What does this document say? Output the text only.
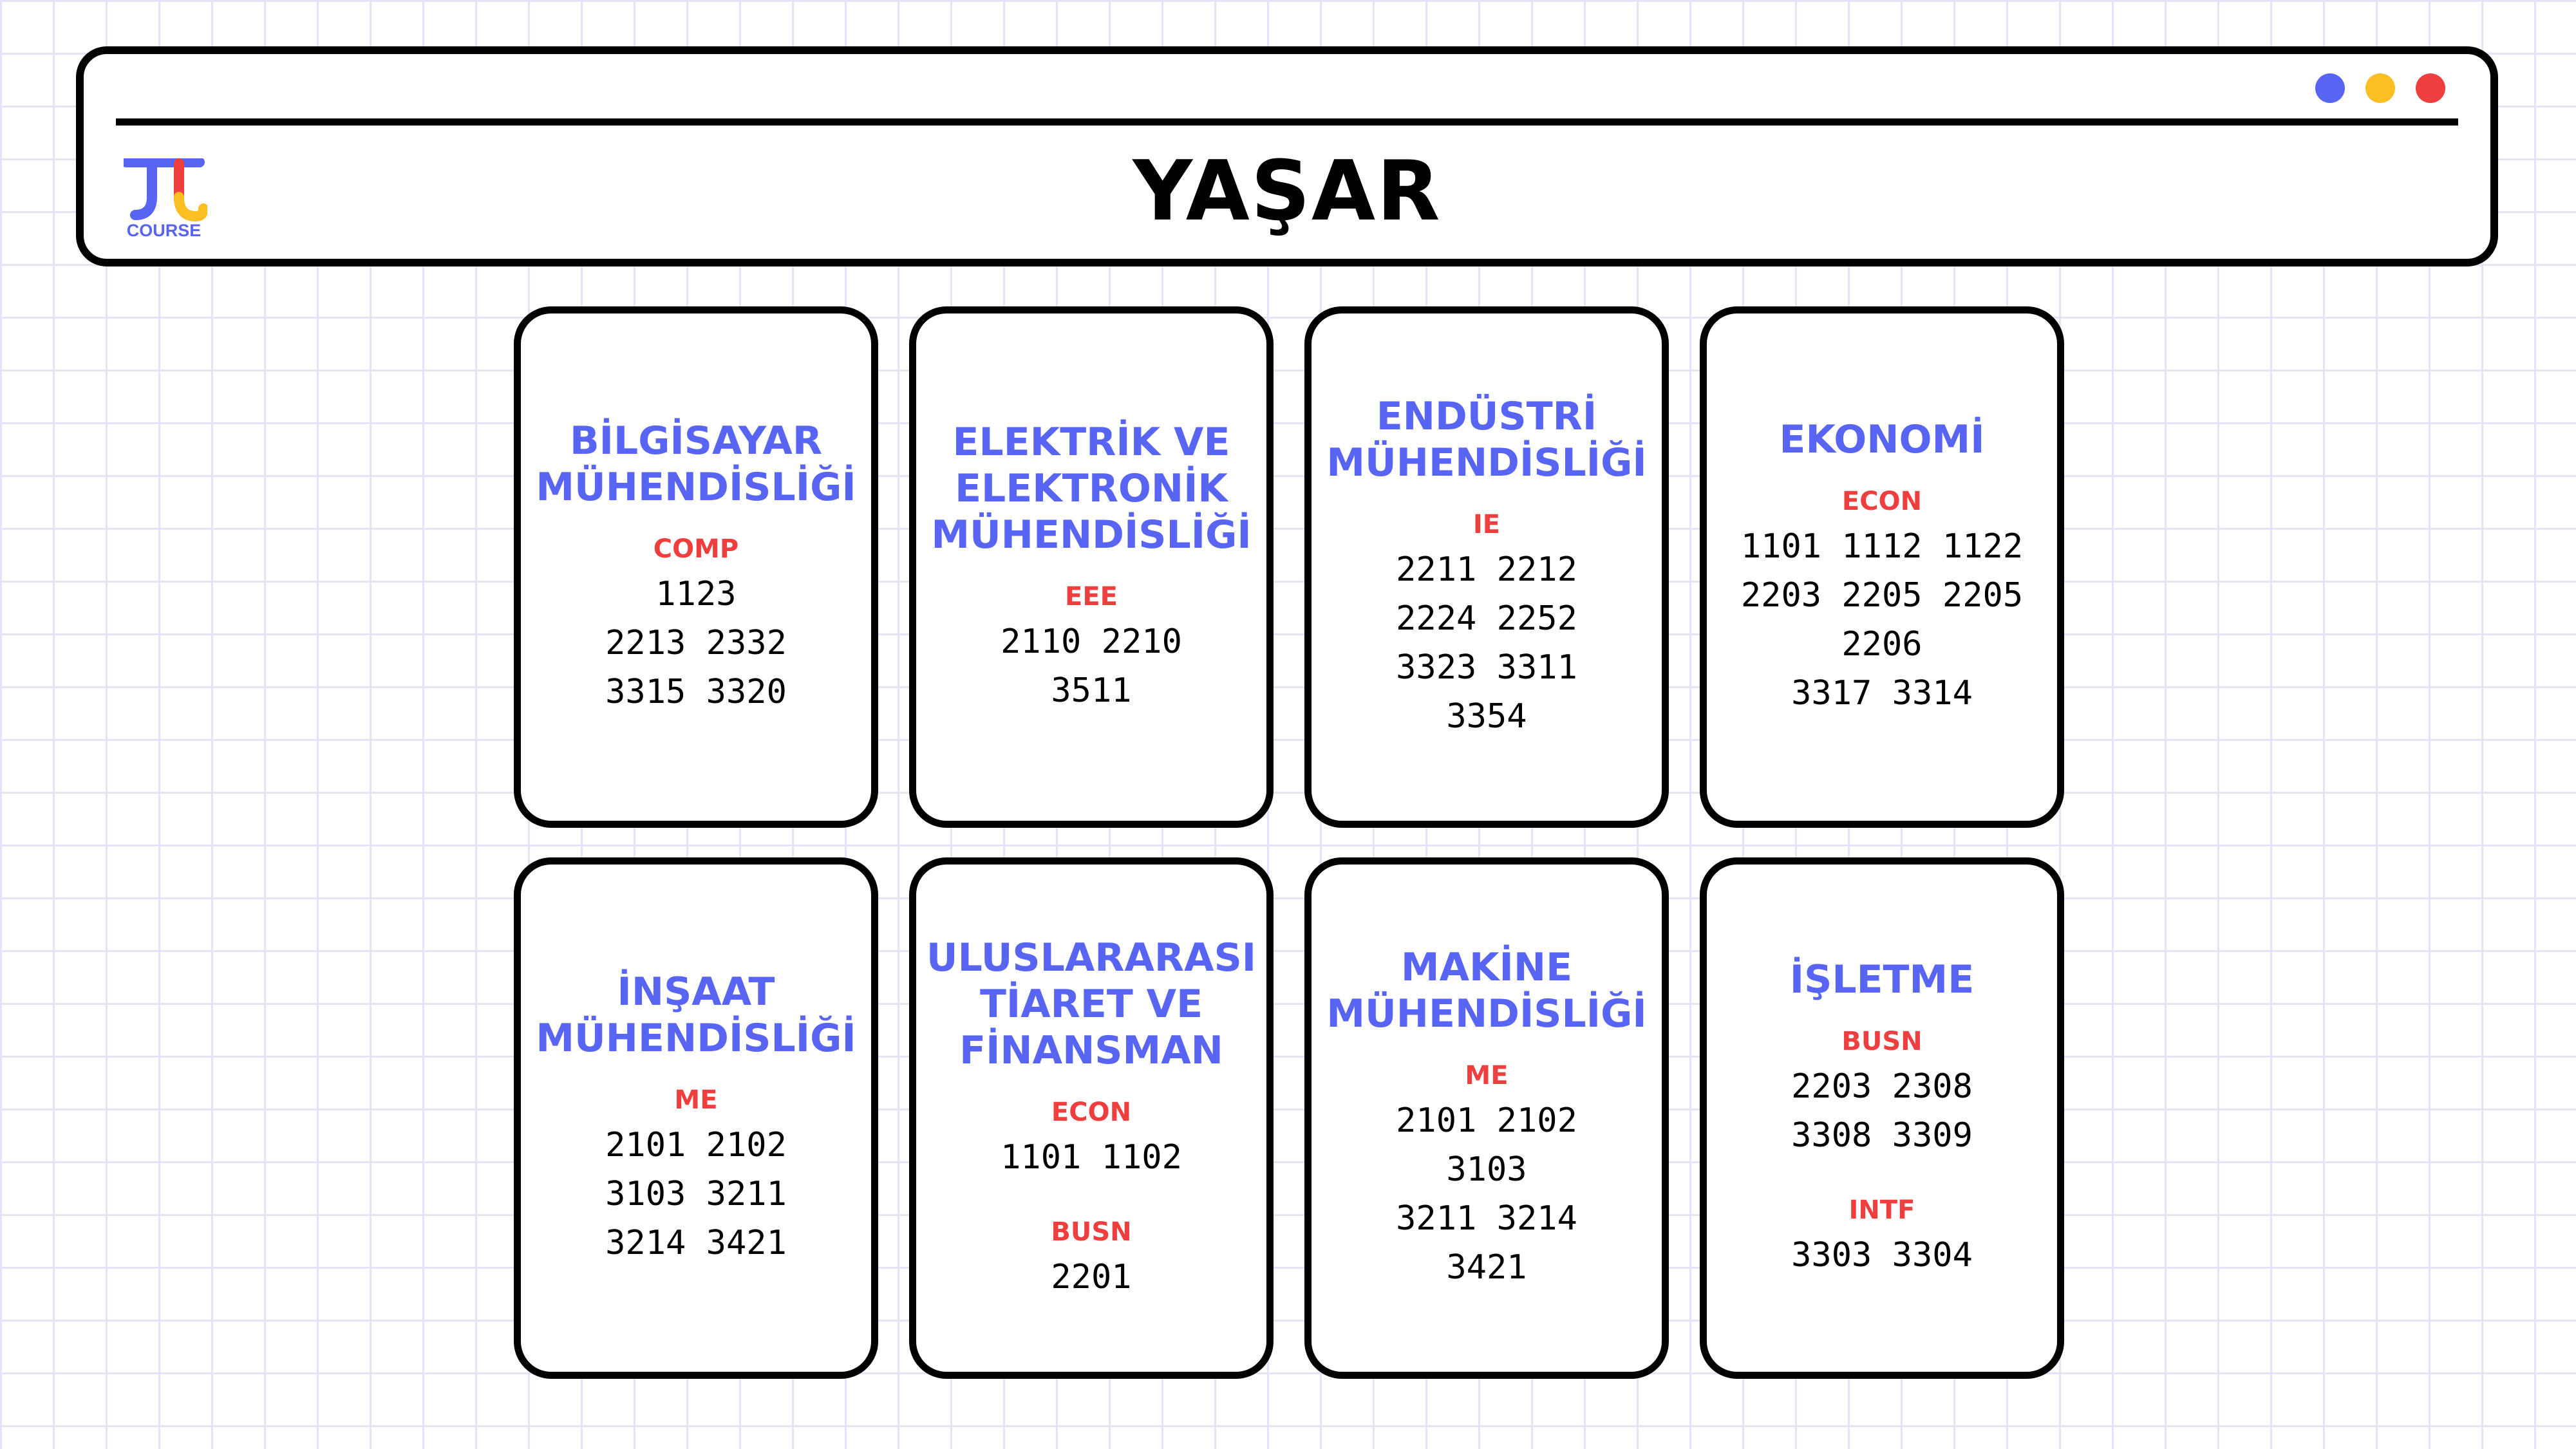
COURSE	YAŞAR
BİLGİSAYAR
MÜHENDİSLİĞİ
COMP
1123
2213 2332
3315 3320
ELEKTRİK VE
ELEKTRONİK
MÜHENDİSLİĞİ
EEE
2110 2210
3511
ENDÜSTRİ
MÜHENDİSLİĞİ
IE
2211 2212
2224 2252
3323 3311
3354
EKONOMİ
ECON
1101 1112 1122
2203 2205 2205
2206
3317 3314
İNŞAAT
MÜHENDİSLİĞİ
ME
2101 2102
3103 3211
3214 3421
ULUSLARARASI
TİARET VE
FİNANSMAN
ECON
1101 1102
BUSN
2201
MAKİNE
MÜHENDİSLİĞİ
ME
2101 2102
3103
3211 3214
3421
İŞLETME
BUSN
2203 2308
3308 3309
INTF
3303 3304
